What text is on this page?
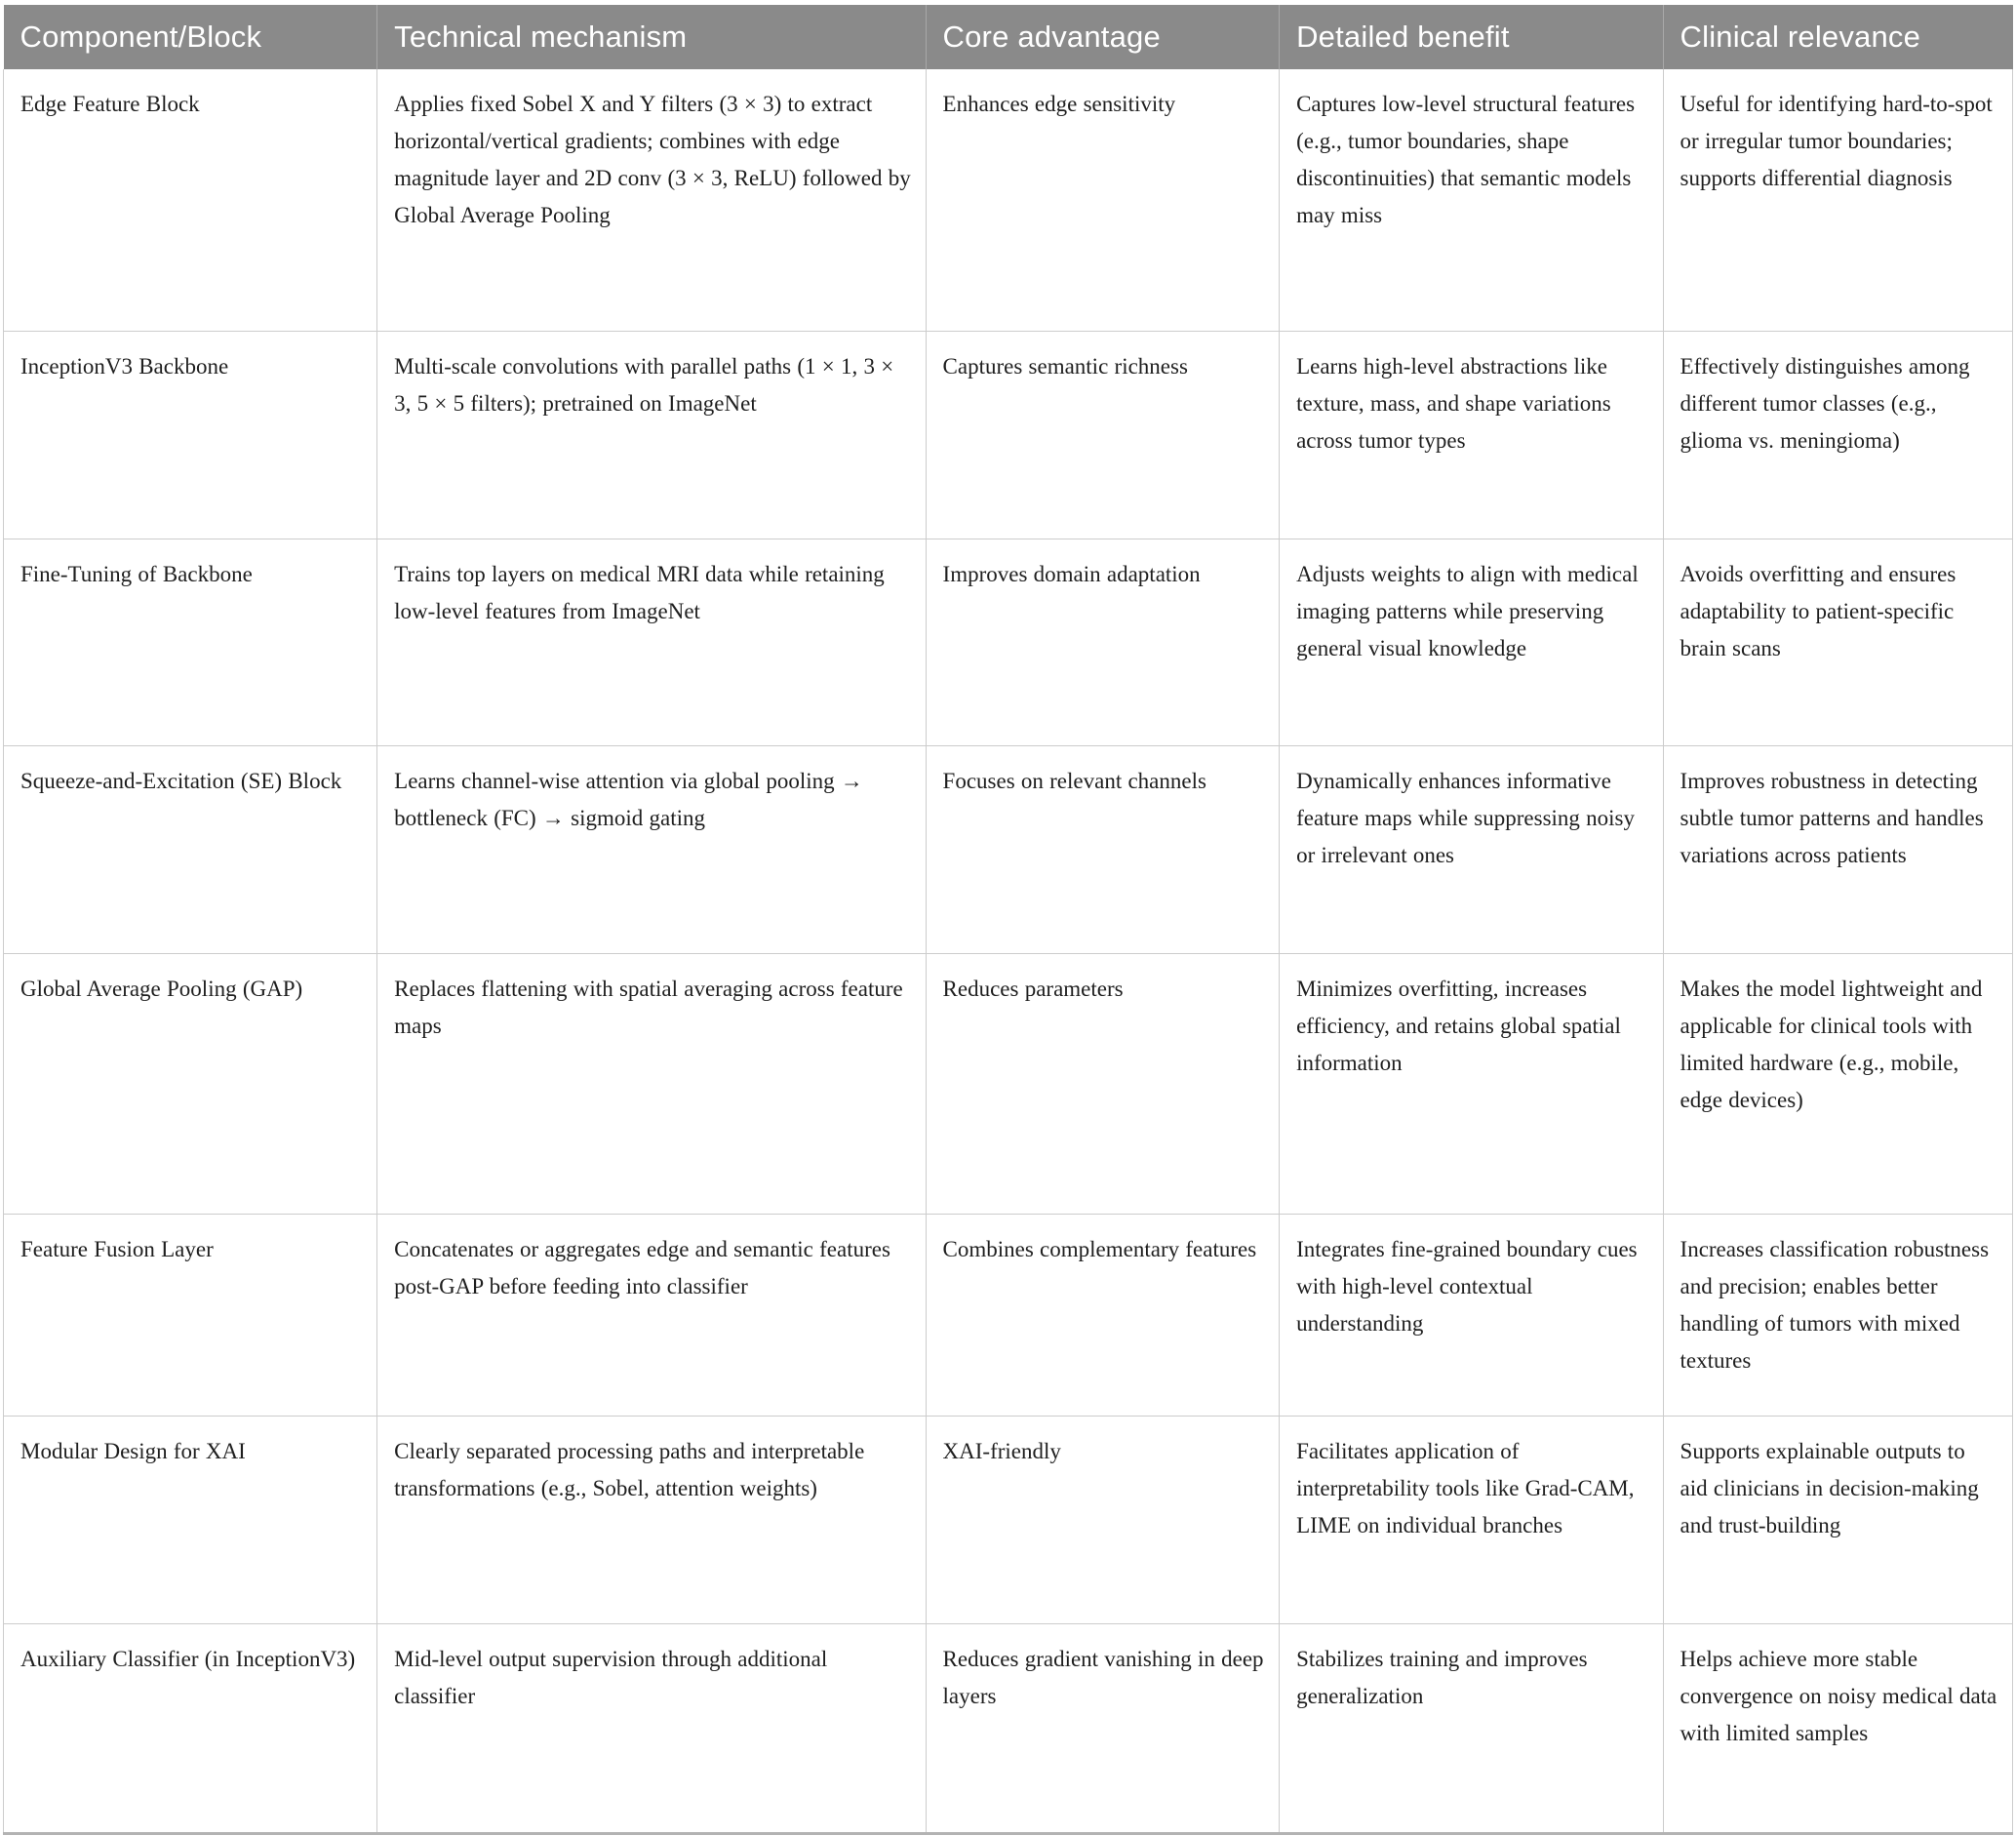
Component/Block	Technical mechanism	Core advantage	Detailed benefit	Clinical relevance
Edge Feature Block	Applies fixed Sobel X and Y filters (3 × 3) to extract horizontal/vertical gradients; combines with edge magnitude layer and 2D conv (3 × 3, ReLU) followed by Global Average Pooling	Enhances edge sensitivity	Captures low-level structural features (e.g., tumor boundaries, shape discontinuities) that semantic models may miss	Useful for identifying hard-to-spot or irregular tumor boundaries; supports differential diagnosis
InceptionV3 Backbone	Multi-scale convolutions with parallel paths (1 × 1, 3 × 3, 5 × 5 filters); pretrained on ImageNet	Captures semantic richness	Learns high-level abstractions like texture, mass, and shape variations across tumor types	Effectively distinguishes among different tumor classes (e.g., glioma vs. meningioma)
Fine-Tuning of Backbone	Trains top layers on medical MRI data while retaining low-level features from ImageNet	Improves domain adaptation	Adjusts weights to align with medical imaging patterns while preserving general visual knowledge	Avoids overfitting and ensures adaptability to patient-specific brain scans
Squeeze-and-Excitation (SE) Block	Learns channel-wise attention via global pooling → bottleneck (FC) → sigmoid gating	Focuses on relevant channels	Dynamically enhances informative feature maps while suppressing noisy or irrelevant ones	Improves robustness in detecting subtle tumor patterns and handles variations across patients
Global Average Pooling (GAP)	Replaces flattening with spatial averaging across feature maps	Reduces parameters	Minimizes overfitting, increases efficiency, and retains global spatial information	Makes the model lightweight and applicable for clinical tools with limited hardware (e.g., mobile, edge devices)
Feature Fusion Layer	Concatenates or aggregates edge and semantic features post-GAP before feeding into classifier	Combines complementary features	Integrates fine-grained boundary cues with high-level contextual understanding	Increases classification robustness and precision; enables better handling of tumors with mixed textures
Modular Design for XAI	Clearly separated processing paths and interpretable transformations (e.g., Sobel, attention weights)	XAI-friendly	Facilitates application of interpretability tools like Grad-CAM, LIME on individual branches	Supports explainable outputs to aid clinicians in decision-making and trust-building
Auxiliary Classifier (in InceptionV3)	Mid-level output supervision through additional classifier	Reduces gradient vanishing in deep layers	Stabilizes training and improves generalization	Helps achieve more stable convergence on noisy medical data with limited samples
